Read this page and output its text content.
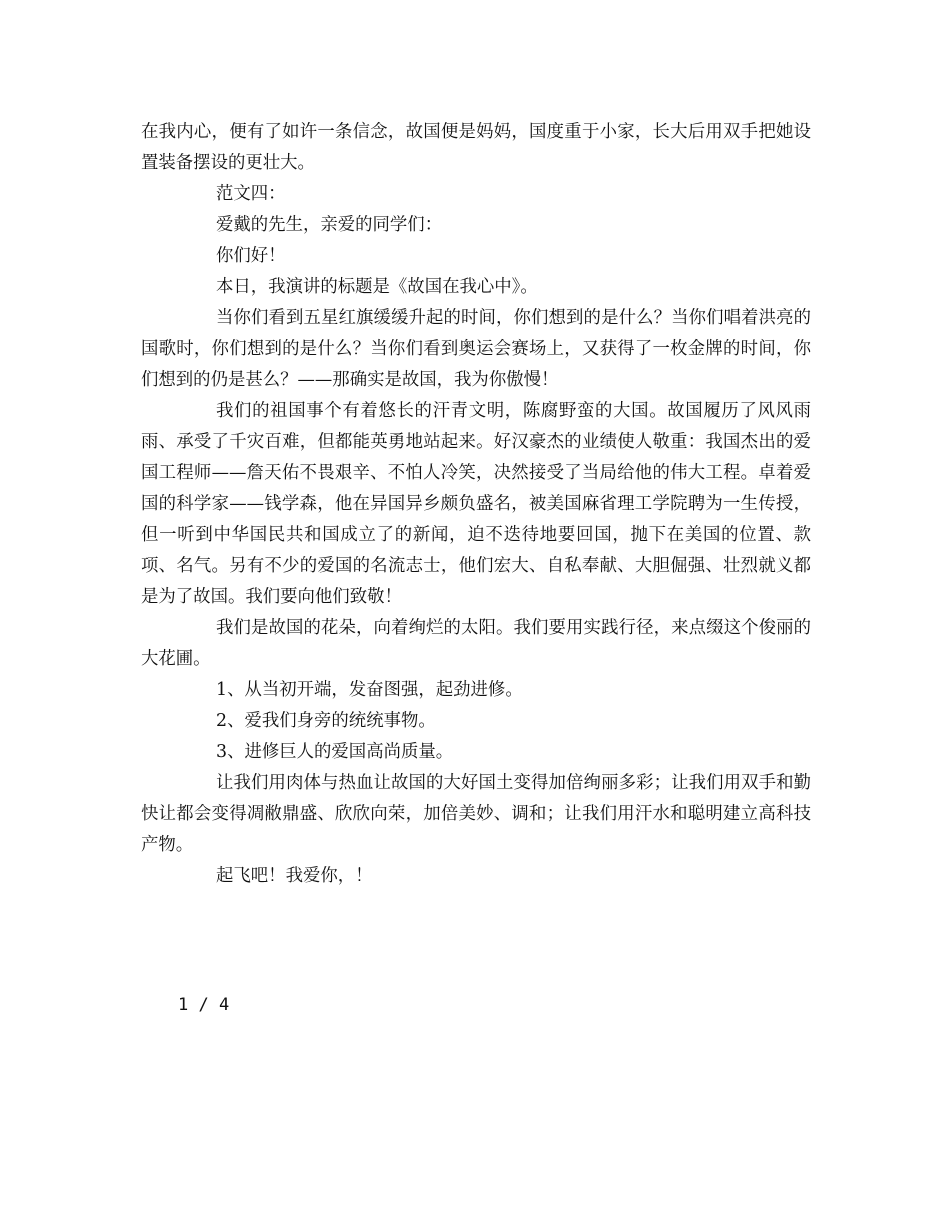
在我内心，便有了如许一条信念，故国便是妈妈，国度重于小家，长大后用双手把她设置装备摆设的更壮大。

范文四：

爱戴的先生，亲爱的同学们：

你们好！

本日，我演讲的标题是《故国在我心中》。

当你们看到五星红旗缓缓升起的时间，你们想到的是什么？当你们唱着洪亮的国歌时，你们想到的是什么？当你们看到奥运会赛场上，又获得了一枚金牌的时间，你们想到的仍是甚么？——那确实是故国，我为你傲慢！

我们的祖国事个有着悠长的汗青文明，陈腐野蛮的大国。故国履历了风风雨雨、承受了千灾百难，但都能英勇地站起来。好汉豪杰的业绩使人敬重：我国杰出的爱国工程师——詹天佑不畏艰辛、不怕人冷笑，决然接受了当局给他的伟大工程。卓着爱国的科学家——钱学森，他在异国异乡颇负盛名，被美国麻省理工学院聘为一生传授，但一听到中华国民共和国成立了的新闻，迫不迭待地要回国，抛下在美国的位置、款项、名气。另有不少的爱国的名流志士，他们宏大、自私奉献、大胆倔强、壮烈就义都是为了故国。我们要向他们致敬！

我们是故国的花朵，向着绚烂的太阳。我们要用实践行径，来点缀这个俊丽的大花圃。

1、从当初开端，发奋图强，起劲进修。

2、爱我们身旁的统统事物。

3、进修巨人的爱国高尚质量。

让我们用肉体与热血让故国的大好国土变得加倍绚丽多彩；让我们用双手和勤快让都会变得凋敝鼎盛、欣欣向荣，加倍美妙、调和；让我们用汗水和聪明建立高科技产物。

起飞吧！我爱你，！

1 / 4
